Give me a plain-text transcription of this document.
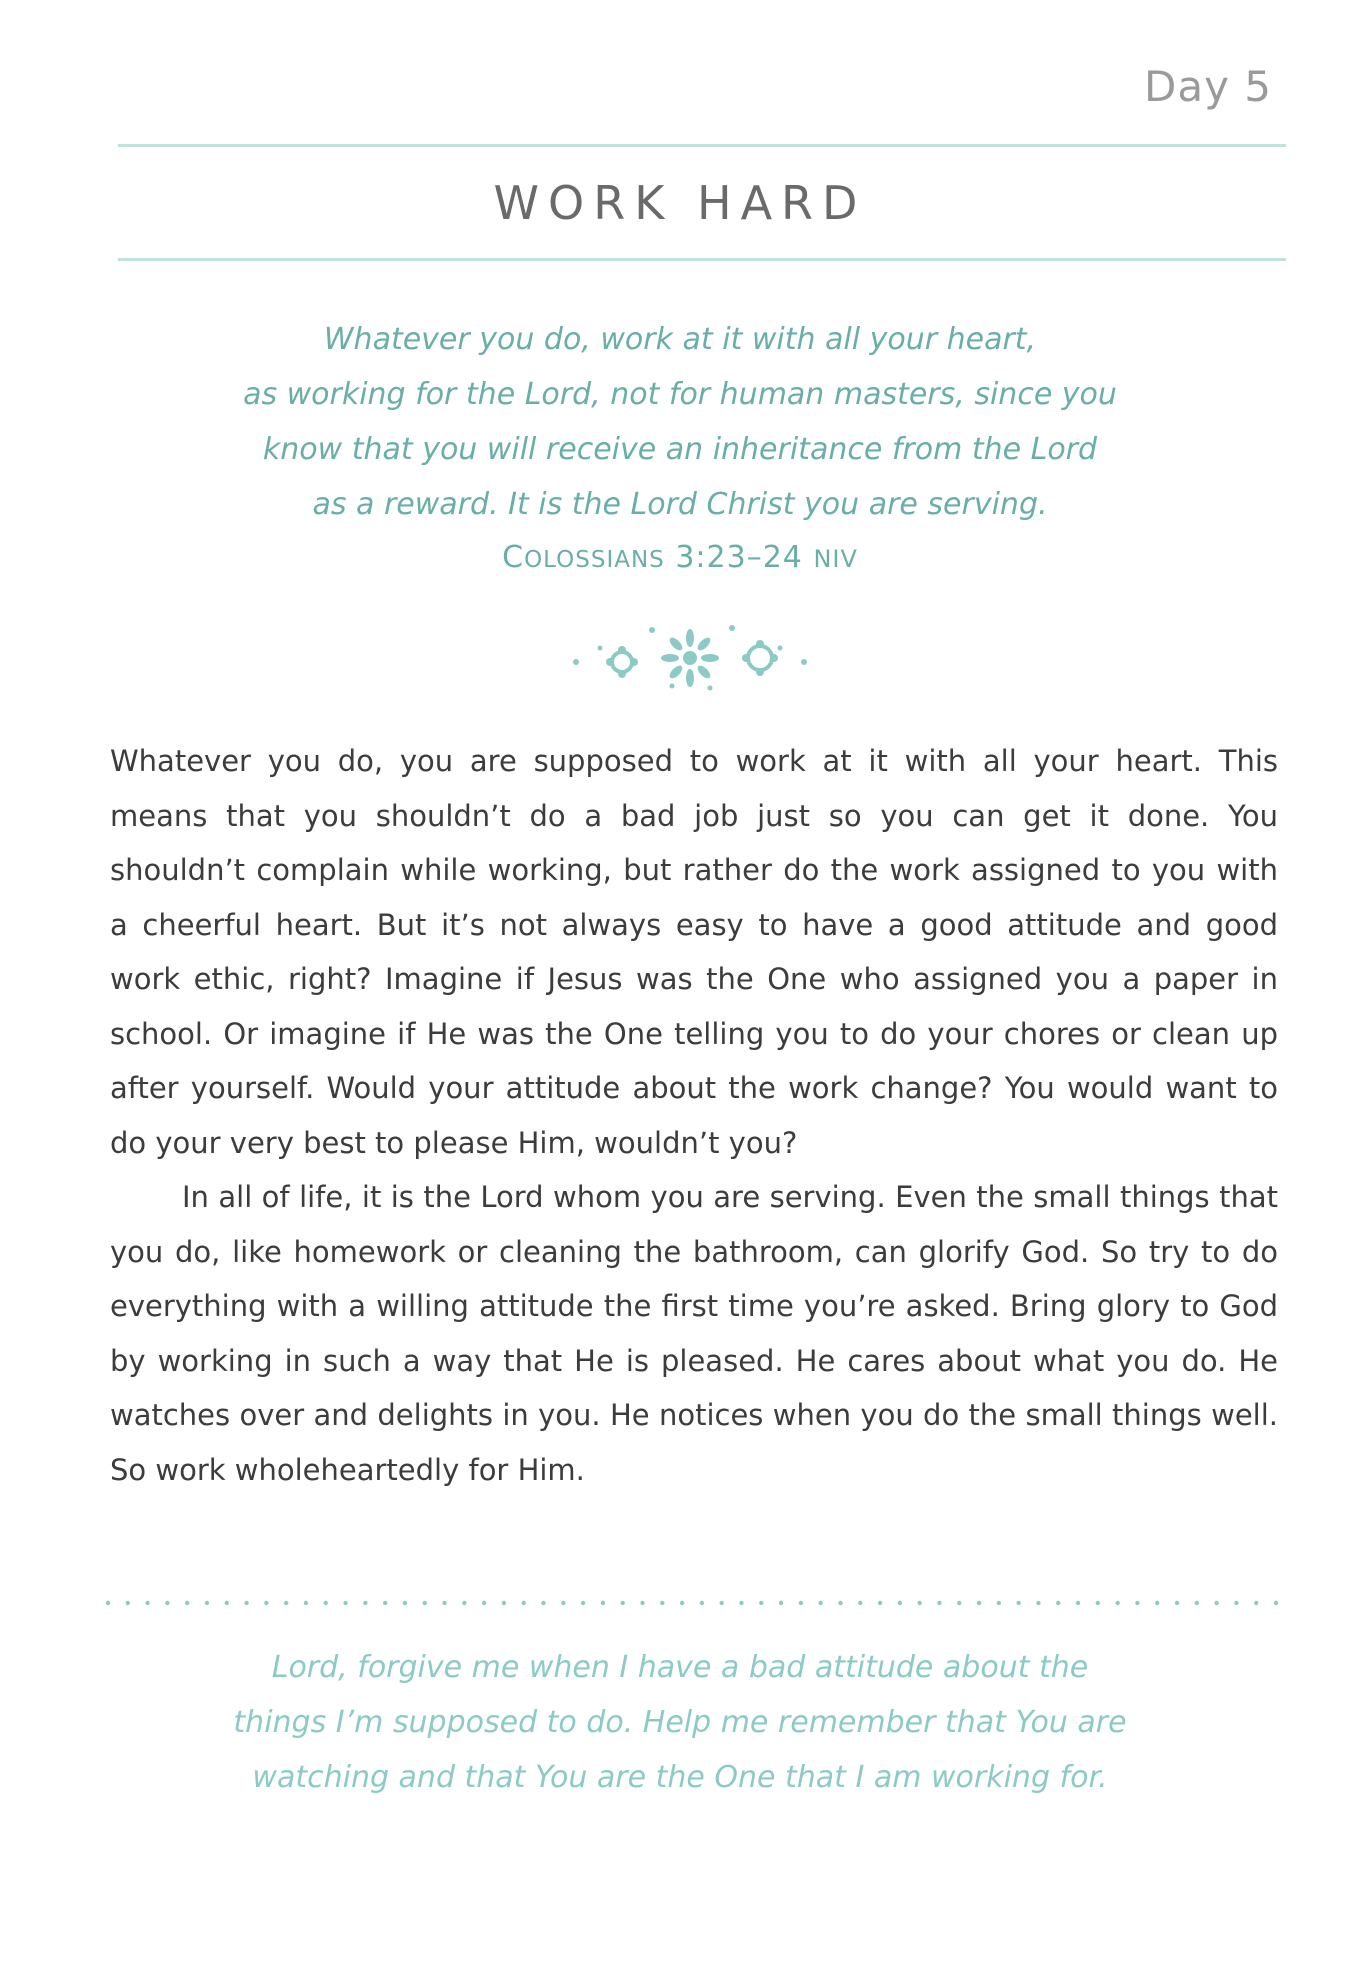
Day 5
WORK HARD
Whatever you do, work at it with all your heart,
as working for the Lord, not for human masters, since you
know that you will receive an inheritance from the Lord
as a reward. It is the Lord Christ you are serving.
COLOSSIANS 3:23–24 NIV

Whatever you do, you are supposed to work at it with all your heart. This means that you shouldn’t do a bad job just so you can get it done. You shouldn’t complain while working, but rather do the work assigned to you with a cheerful heart. But it’s not always easy to have a good attitude and good work ethic, right? Imagine if Jesus was the One who assigned you a paper in school. Or imagine if He was the One telling you to do your chores or clean up after yourself. Would your attitude about the work change? You would want to do your very best to please Him, wouldn’t you?

In all of life, it is the Lord whom you are serving. Even the small things that you do, like homework or cleaning the bathroom, can glorify God. So try to do everything with a willing attitude the first time you’re asked. Bring glory to God by working in such a way that He is pleased. He cares about what you do. He watches over and delights in you. He notices when you do the small things well. So work wholeheartedly for Him.

Lord, forgive me when I have a bad attitude about the
things I’m supposed to do. Help me remember that You are
watching and that You are the One that I am working for.
